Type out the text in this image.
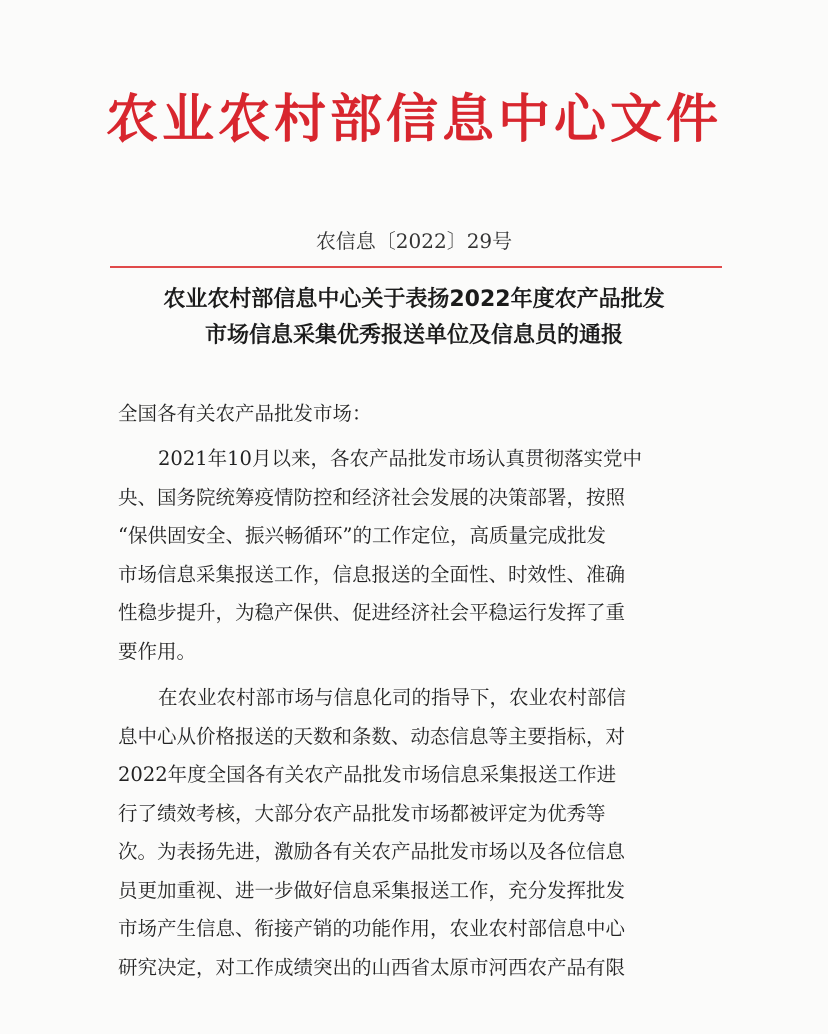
农业农村部信息中心文件
农信息〔2022〕29号
农业农村部信息中心关于表扬2022年度农产品批发
市场信息采集优秀报送单位及信息员的通报
全国各有关农产品批发市场：
2021年10月以来，各农产品批发市场认真贯彻落实党中
央、国务院统筹疫情防控和经济社会发展的决策部署，按照
“保供固安全、振兴畅循环”的工作定位，高质量完成批发
市场信息采集报送工作，信息报送的全面性、时效性、准确
性稳步提升，为稳产保供、促进经济社会平稳运行发挥了重
要作用。
在农业农村部市场与信息化司的指导下，农业农村部信
息中心从价格报送的天数和条数、动态信息等主要指标，对
2022年度全国各有关农产品批发市场信息采集报送工作进
行了绩效考核，大部分农产品批发市场都被评定为优秀等
次。为表扬先进，激励各有关农产品批发市场以及各位信息
员更加重视、进一步做好信息采集报送工作，充分发挥批发
市场产生信息、衔接产销的功能作用，农业农村部信息中心
研究决定，对工作成绩突出的山西省太原市河西农产品有限
